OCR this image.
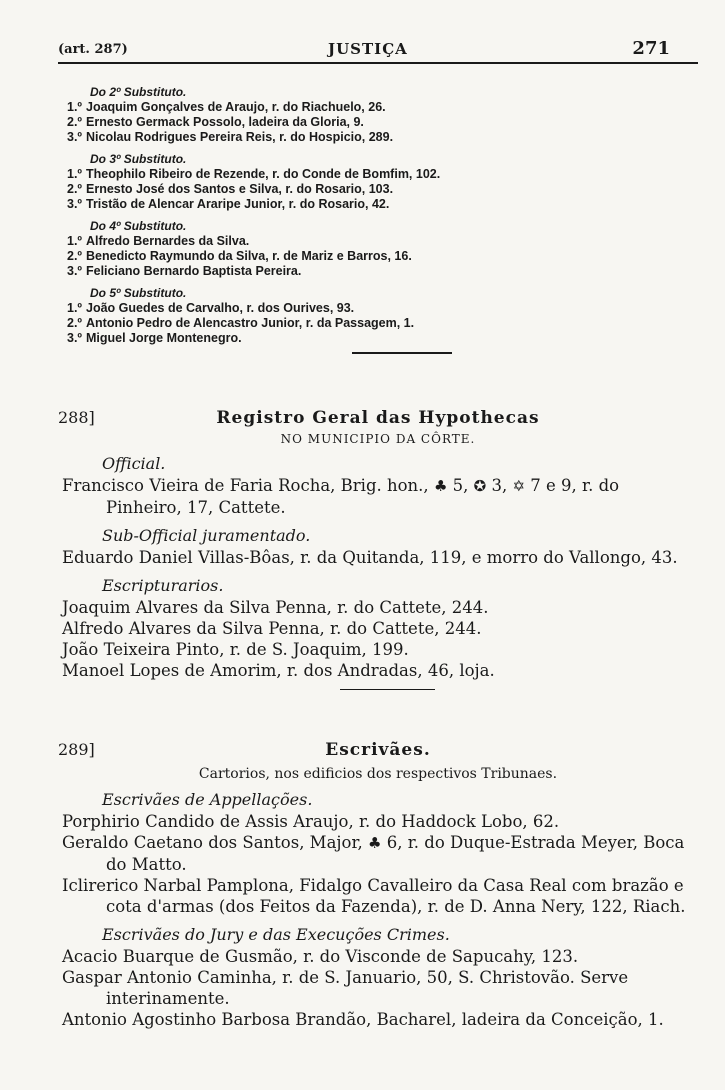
(art. 287)	JUSTIÇA	271
Do 2º Substituto.
1.º Joaquim Gonçalves de Araujo, r. do Riachuelo, 26.
2.º Ernesto Germack Possolo, ladeira da Gloria, 9.
3.º Nicolau Rodrigues Pereira Reis, r. do Hospicio, 289.
Do 3º Substituto.
1.º Theophilo Ribeiro de Rezende, r. do Conde de Bomfim, 102.
2.º Ernesto José dos Santos e Silva, r. do Rosario, 103.
3.º Tristão de Alencar Araripe Junior, r. do Rosario, 42.
Do 4º Substituto.
1.º Alfredo Bernardes da Silva.
2.º Benedicto Raymundo da Silva, r. de Mariz e Barros, 16.
3.º Feliciano Bernardo Baptista Pereira.
Do 5º Substituto.
1.º João Guedes de Carvalho, r. dos Ourives, 93.
2.º Antonio Pedro de Alencastro Junior, r. da Passagem, 1.
3.º Miguel Jorge Montenegro.
288]	Registro Geral das Hypothecas
NO MUNICIPIO DA CÔRTE.
Official.
Francisco Vieira de Faria Rocha, Brig. hon., ♣ 5, ✪ 3, ✡ 7 e 9, r. do Pinheiro, 17, Cattete.
Sub-Official juramentado.
Eduardo Daniel Villas-Bôas, r. da Quitanda, 119, e morro do Vallongo, 43.
Escripturarios.
Joaquim Alvares da Silva Penna, r. do Cattete, 244.
Alfredo Alvares da Silva Penna, r. do Cattete, 244.
João Teixeira Pinto, r. de S. Joaquim, 199.
Manoel Lopes de Amorim, r. dos Andradas, 46, loja.
289]	Escrivães.
Cartorios, nos edificios dos respectivos Tribunaes.
Escrivães de Appellações.
Porphirio Candido de Assis Araujo, r. do Haddock Lobo, 62.
Geraldo Caetano dos Santos, Major, ♣ 6, r. do Duque-Estrada Meyer, Boca do Matto.
Iclirerico Narbal Pamplona, Fidalgo Cavalleiro da Casa Real com brazão e cota d'armas (dos Feitos da Fazenda), r. de D. Anna Nery, 122, Riach.
Escrivães do Jury e das Execuções Crimes.
Acacio Buarque de Gusmão, r. do Visconde de Sapucahy, 123.
Gaspar Antonio Caminha, r. de S. Januario, 50, S. Christovão. Serve interinamente.
Antonio Agostinho Barbosa Brandão, Bacharel, ladeira da Conceição, 1.
